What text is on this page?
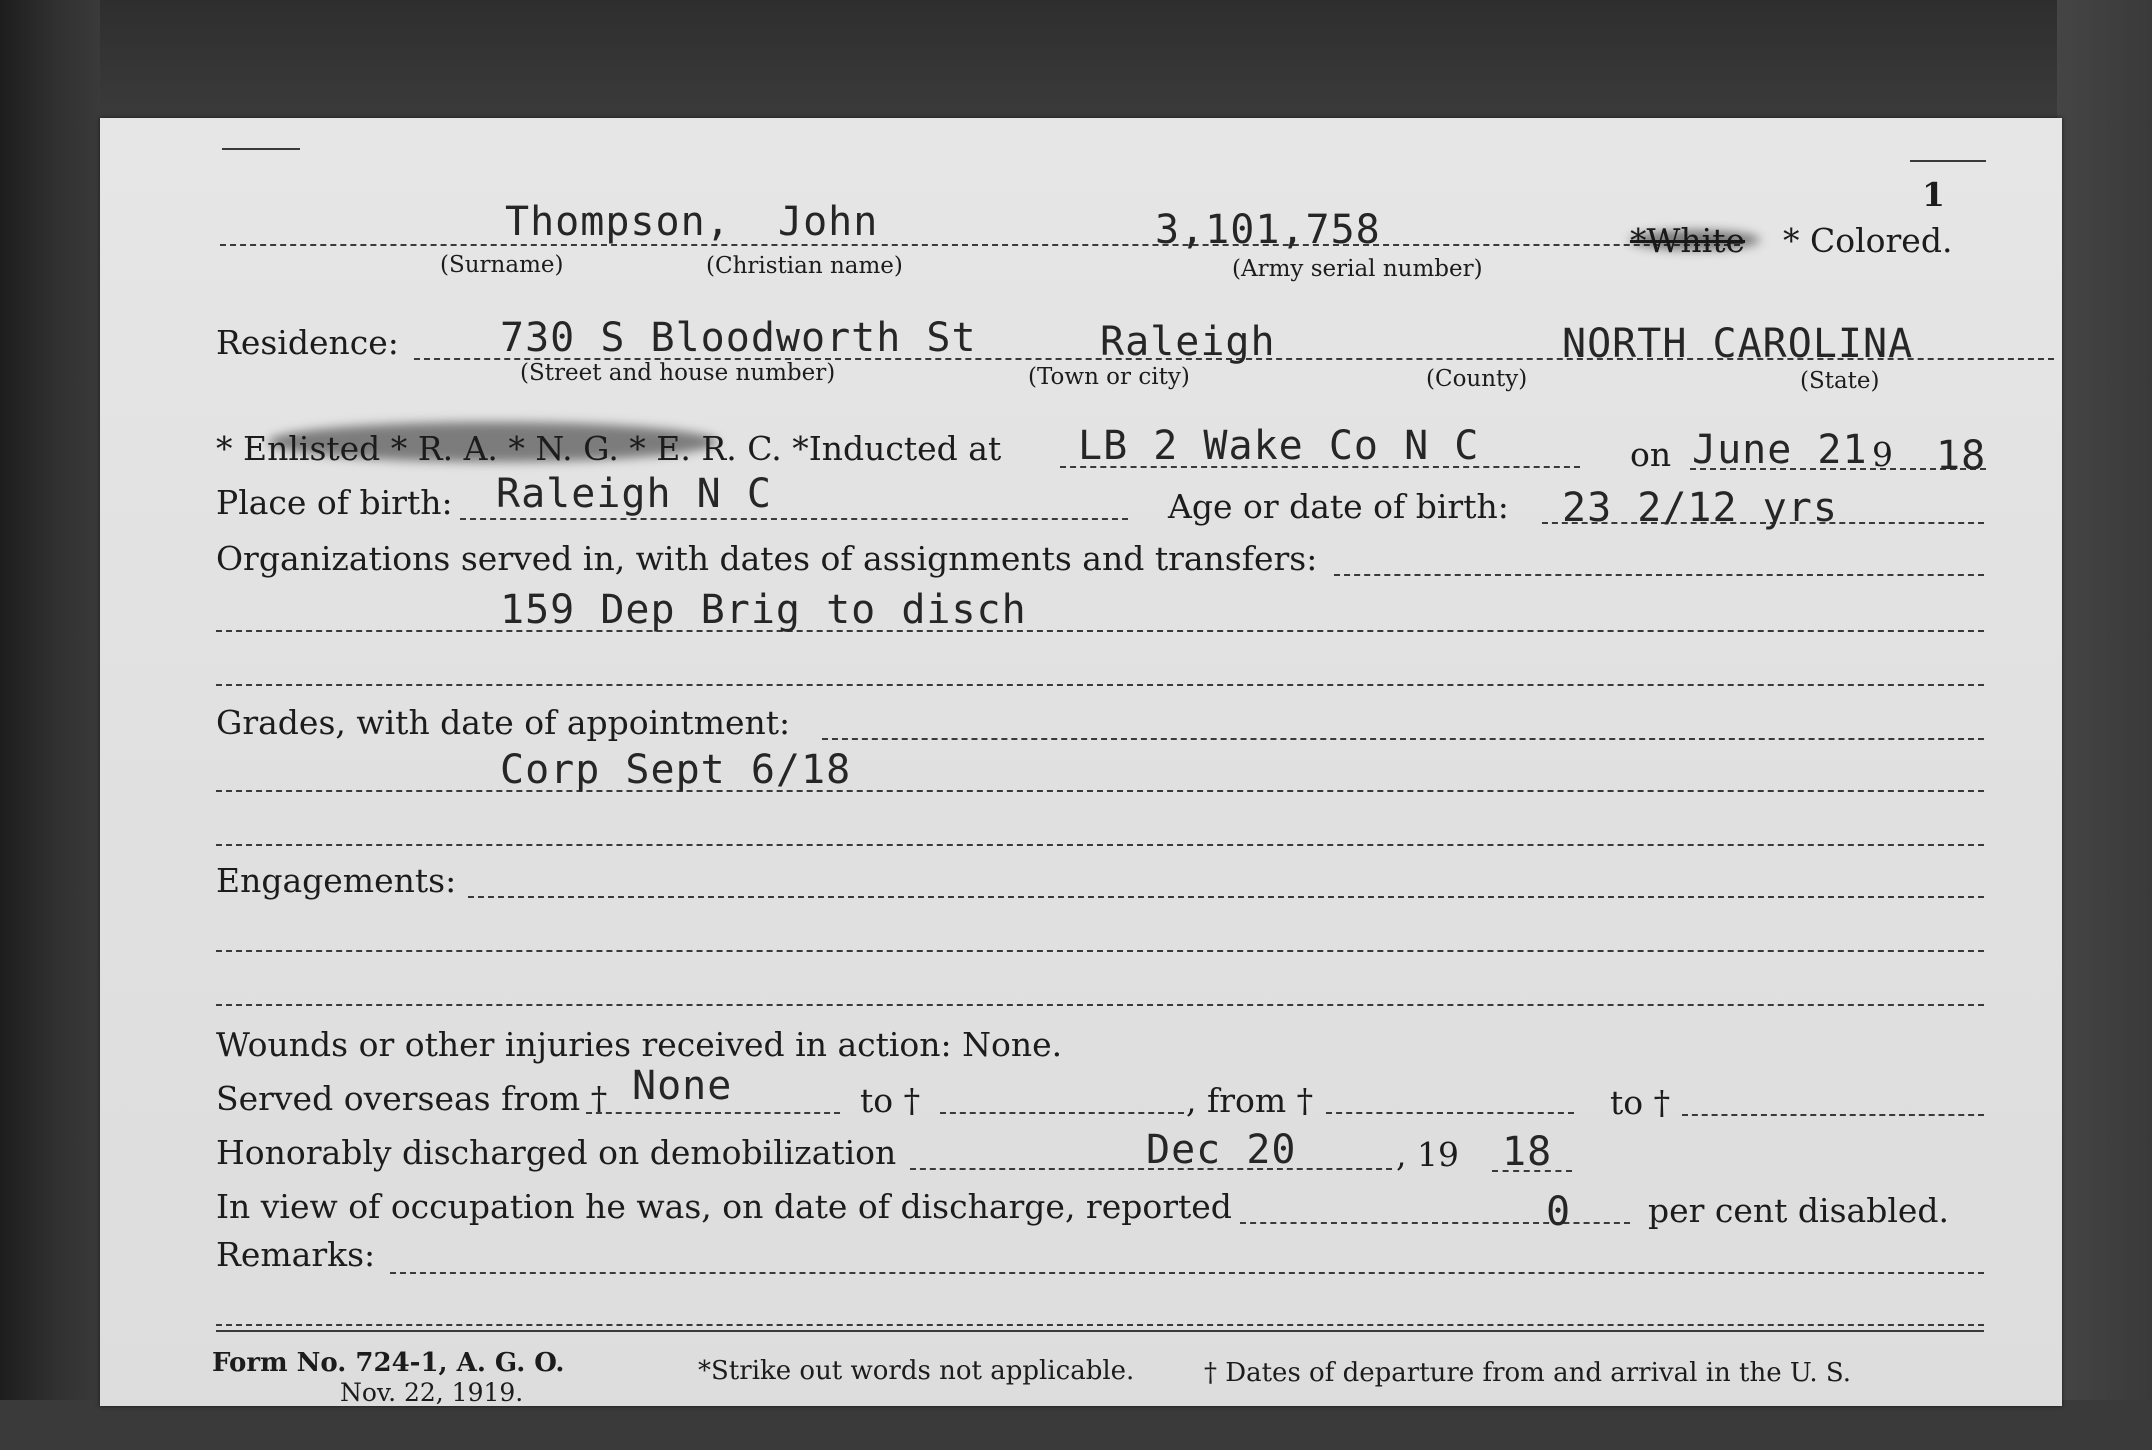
1
Thompson, John	3,101,758	* Colored.
(Surname)	(Christian name)	(Army serial number)
Residence:	730 S Bloodworth St	Raleigh	NORTH CAROLINA
(Street and house number)	(Town or city)	(County)	(State)
* Enlisted * R. A. * N. G. * E. R. C. *Inducted at LB 2 Wake Co N C	on June 21 9 18
Place of birth: Raleigh N C	Age or date of birth: 23 2/12 yrs
Organizations served in, with dates of assignments and transfers:
159 Dep Brig to disch
Grades, with date of appointment:
Corp Sept 6/18
Engagements:
Wounds or other injuries received in action: None.
Served overseas from † None	to †	, from †	to †
Honorably discharged on demobilization	Dec 20	, 19 18
In view of occupation he was, on date of discharge, reported	0 per cent disabled.
Remarks:
Form No. 724-1, A. G. O.
Nov. 22, 1919.
*Strike out words not applicable.	† Dates of departure from and arrival in the U. S.
